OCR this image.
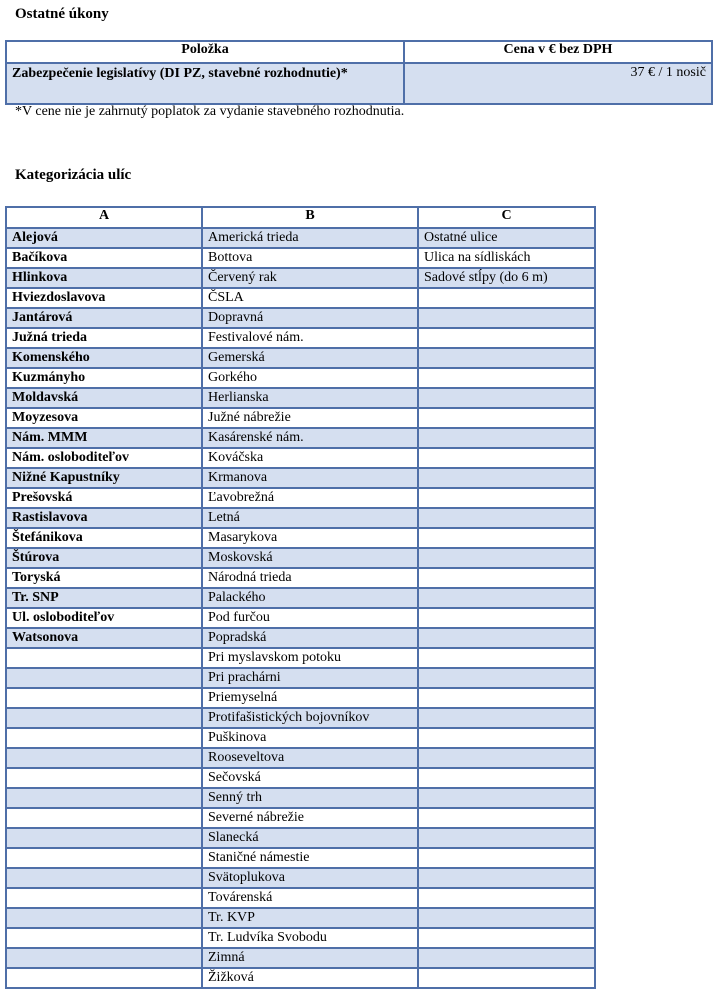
Ostatné úkony
Položka	Cena v € bez DPH
Zabezpečenie legislatívy (DI PZ, stavebné rozhodnutie)*	37 € / 1 nosič
*V cene nie je zahrnutý poplatok za vydanie stavebného rozhodnutia.
Kategorizácia ulíc
A	B	C
Alejová	Americká trieda	Ostatné ulice
Bačíkova	Bottova	Ulica na sídliskách
Hlinkova	Červený rak	Sadové stĺpy (do 6 m)
Hviezdoslavova	ČSLA	
Jantárová	Dopravná	
Južná trieda	Festivalové nám.	
Komenského	Gemerská	
Kuzmányho	Gorkého	
Moldavská	Herlianska	
Moyzesova	Južné nábrežie	
Nám. MMM	Kasárenské nám.	
Nám. osloboditeľov	Kováčska	
Nižné Kapustníky	Krmanova	
Prešovská	Ľavobrežná	
Rastislavova	Letná	
Štefánikova	Masarykova	
Štúrova	Moskovská	
Toryská	Národná trieda	
Tr. SNP	Palackého	
Ul. osloboditeľov	Pod furčou	
Watsonova	Popradská	
	Pri myslavskom potoku	
	Pri prachárni	
	Priemyselná	
	Protifašistických bojovníkov	
	Puškinova	
	Rooseveltova	
	Sečovská	
	Senný trh	
	Severné nábrežie	
	Slanecká	
	Staničné námestie	
	Svätoplukova	
	Továrenská	
	Tr. KVP	
	Tr. Ludvíka Svobodu	
	Zimná	
	Žižková	
